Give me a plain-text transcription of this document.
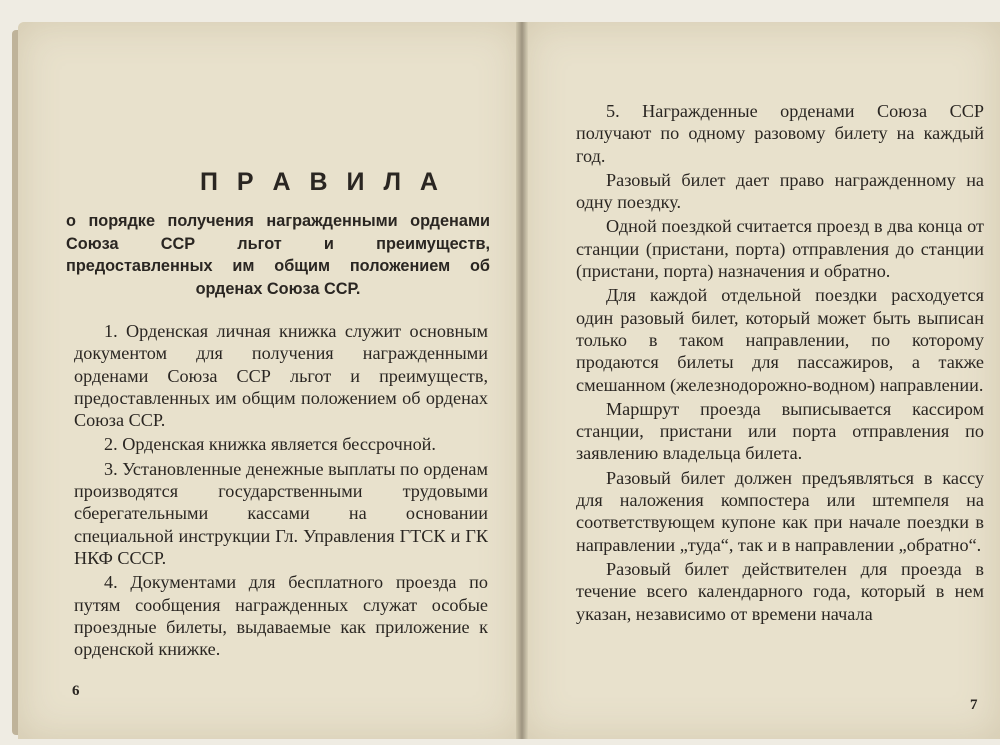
П Р А В И Л А

о порядке получения награжденными орденами Союза ССР льгот и преимуществ, предоставленных им общим положением об орденах Союза ССР.

1. Орденская личная книжка служит основным документом для получения награжденными орденами Союза ССР льгот и преимуществ, предоставленных им общим положением об орденах Союза ССР.

2. Орденская книжка является бессрочной.

3. Установленные денежные выплаты по орденам производятся государственными трудовыми сберегательными кассами на основании специальной инструкции Гл. Управления ГТСК и ГК НКФ СССР.

4. Документами для бесплатного проезда по путям сообщения награжденных служат особые проездные билеты, выдаваемые как приложение к орденской книжке.

6

5. Награжденные орденами Союза ССР получают по одному разовому билету на каждый год.

Разовый билет дает право награжденному на одну поездку.

Одной поездкой считается проезд в два конца от станции (пристани, порта) отправления до станции (пристани, порта) назначения и обратно.

Для каждой отдельной поездки расходуется один разовый билет, который может быть выписан только в таком направлении, по которому продаются билеты для пассажиров, а также смешанном (железнодорожно-водном) направлении.

Маршрут проезда выписывается кассиром станции, пристани или порта отправления по заявлению владельца билета.

Разовый билет должен предъявляться в кассу для наложения компостера или штемпеля на соответствующем купоне как при начале поездки в направлении „туда“, так и в направлении „обратно“.

Разовый билет действителен для проезда в течение всего календарного года, который в нем указан, независимо от времени начала

7
